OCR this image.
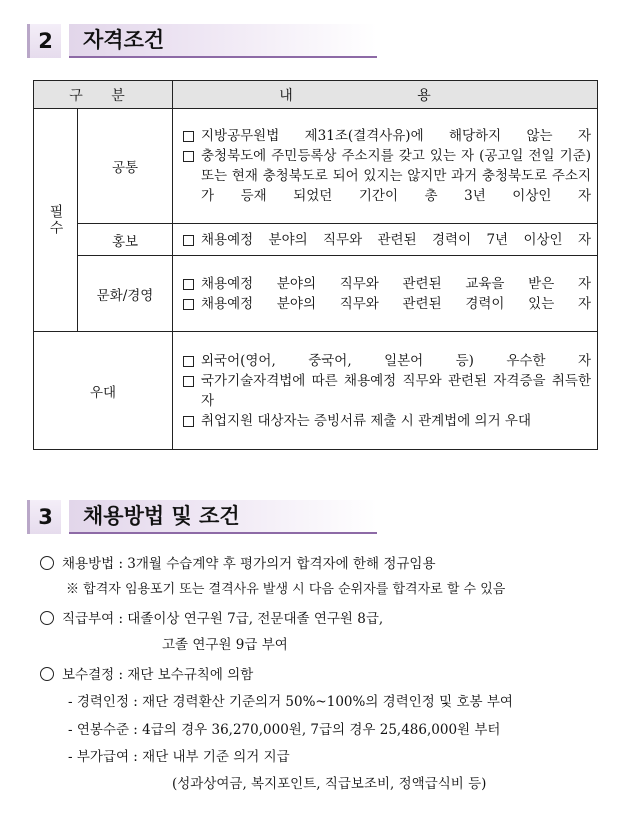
2	자격조건
구 분		내 용
필수	공통	지방공무원법 제31조(결격사유)에 해당하지 않는 자
충청북도에 주민등록상 주소지를 갖고 있는 자 (공고일 전일 기준) 또는 현재 충청북도로 되어 있지는 않지만 과거 충청북도로 주소지가 등재 되었던 기간이 총 3년 이상인 자

	홍보	채용예정 분야의 직무와 관련된 경력이 7년 이상인 자

	문화/경영	채용예정 분야의 직무와 관련된 교육을 받은 자
채용예정 분야의 직무와 관련된 경력이 있는 자

우대		외국어(영어, 중국어, 일본어 등) 우수한 자
국가기술자격법에 따른 채용예정 직무와 관련된 자격증을 취득한 자
취업지원 대상자는 증빙서류 제출 시 관계법에 의거 우대
3	채용방법 및 조건
채용방법 : 3개월 수습계약 후 평가의거 합격자에 한해 정규임용
※ 합격자 임용포기 또는 결격사유 발생 시 다음 순위자를 합격자로 할 수 있음
직급부여 : 대졸이상 연구원 7급, 전문대졸 연구원 8급,
고졸 연구원 9급 부여
보수결정 : 재단 보수규칙에 의함
- 경력인정 : 재단 경력환산 기준의거 50%~100%의 경력인정 및 호봉 부여
- 연봉수준 : 4급의 경우 36,270,000원, 7급의 경우 25,486,000원 부터
- 부가급여 : 재단 내부 기준 의거 지급
(성과상여금, 복지포인트, 직급보조비, 정액급식비 등)
